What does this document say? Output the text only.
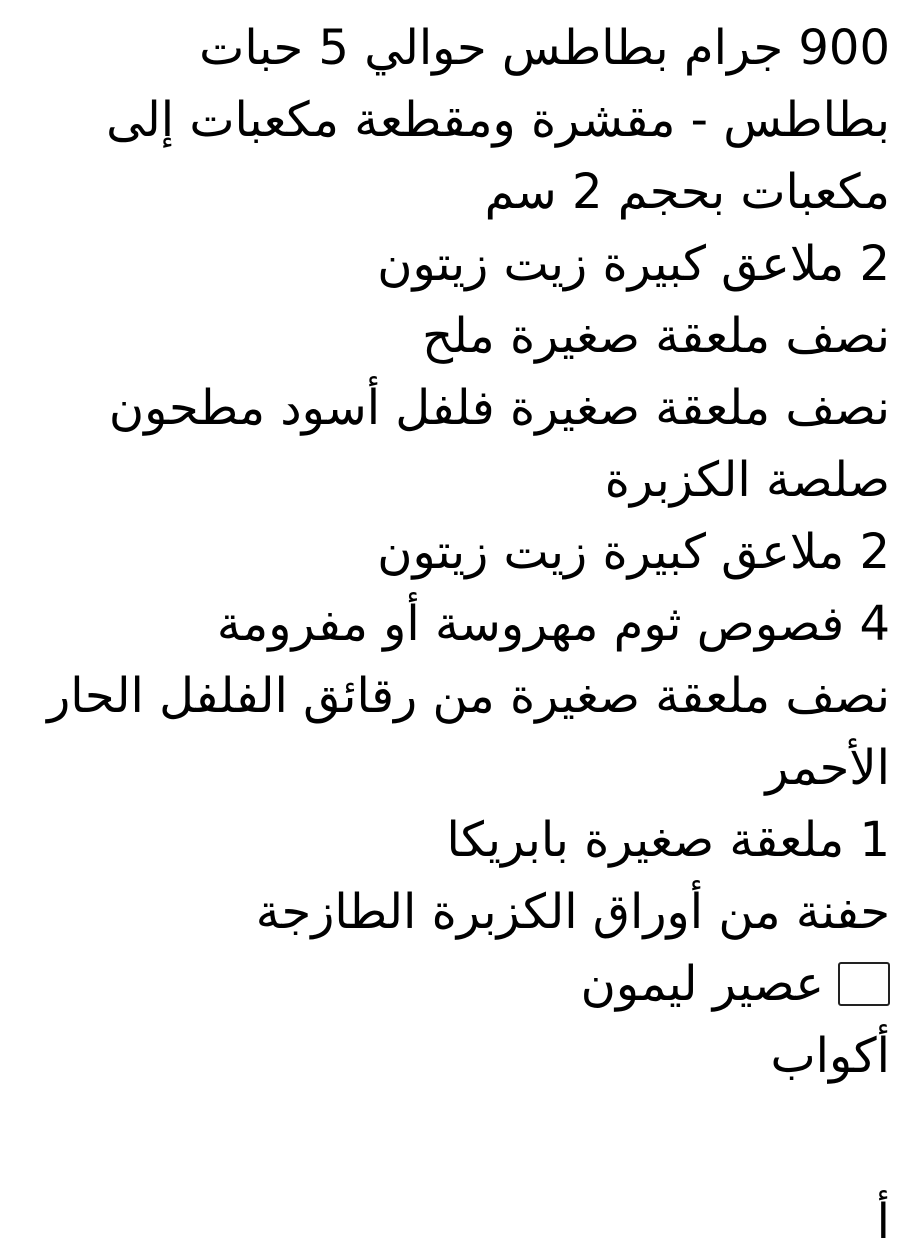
900 جرام بطاطس حوالي 5 حبات
بطاطس - مقشرة ومقطعة مكعبات إلى
مكعبات بحجم 2 سم
2 ملاعق كبيرة زيت زيتون
نصف ملعقة صغيرة ملح
نصف ملعقة صغيرة فلفل أسود مطحون
صلصة الكزبرة
2 ملاعق كبيرة زيت زيتون
4 فصوص ثوم مهروسة أو مفرومة
نصف ملعقة صغيرة من رقائق الفلفل الحار
الأحمر
1 ملعقة صغيرة بابريكا
حفنة من أوراق الكزبرة الطازجة
عصير ليمون
أكواب
أ
